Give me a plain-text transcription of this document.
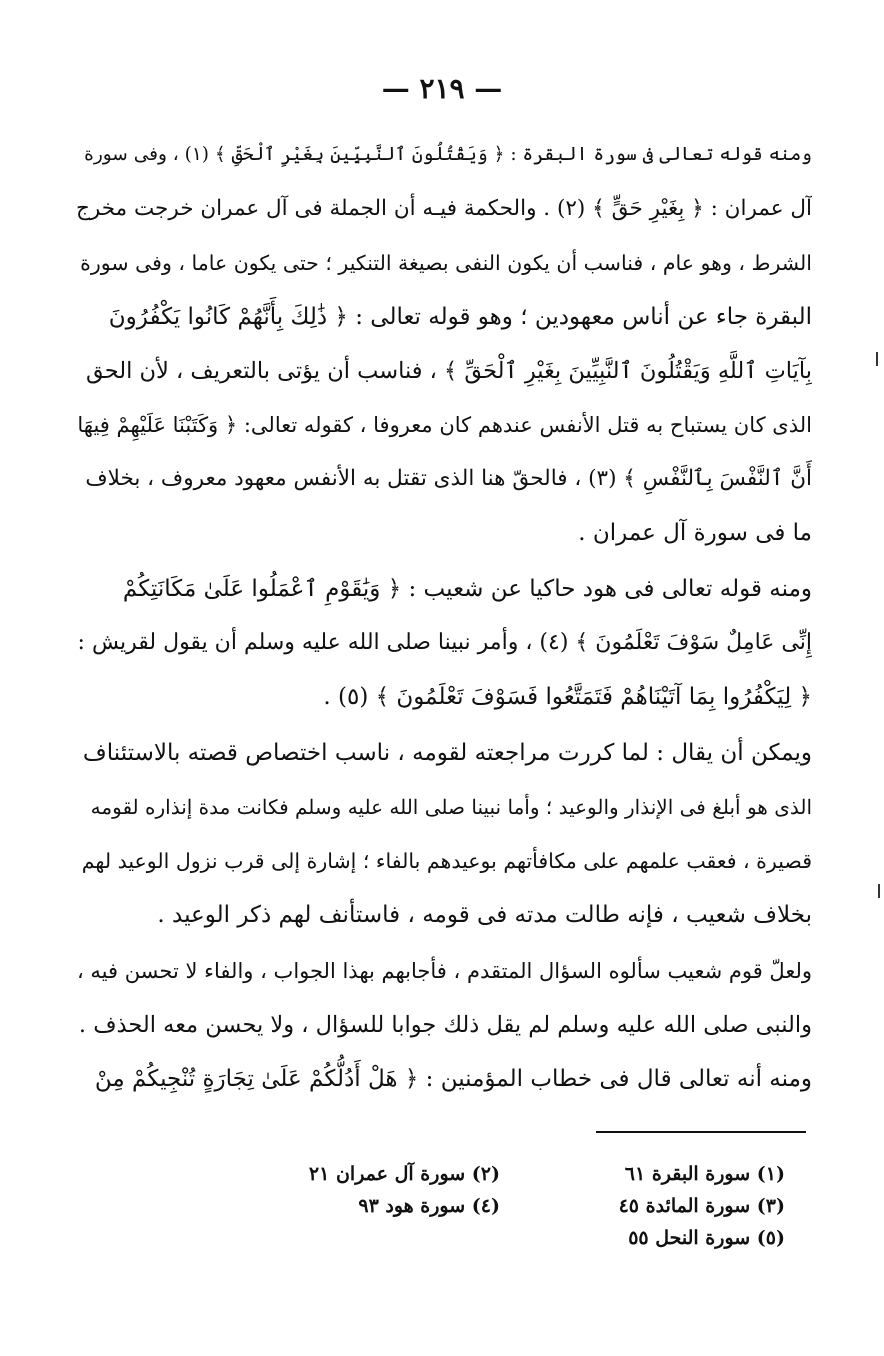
— ٢١٩ —
ومنه قوله تعالى فى سورة البقرة : ﴿ وَيَقْتُلُونَ ٱلنَّبِيِّينَ بِغَيْرِ ٱلْحَقِّ ﴾ (١) ، وفى سورة
آل عمران : ﴿ بِغَيْرِ حَقٍّ ﴾ (٢) . والحكمة فيـه أن الجملة فى آل عمران خرجت مخرج
الشرط ، وهو عام ، فناسب أن يكون النفى بصيغة التنكير ؛ حتى يكون عاما ، وفى سورة
البقرة جاء عن أناس معهودين ؛ وهو قوله تعالى : ﴿ ذَٰلِكَ بِأَنَّهُمْ كَانُوا يَكْفُرُونَ
بِآيَاتِ ٱللَّهِ وَيَقْتُلُونَ ٱلنَّبِيِّينَ بِغَيْرِ ٱلْحَقِّ ﴾ ، فناسب أن يؤتى بالتعريف ، لأن الحق
الذى كان يستباح به قتل الأنفس عندهم كان معروفا ، كقوله تعالى: ﴿ وَكَتَبْنَا عَلَيْهِمْ فِيهَا
أَنَّ ٱلنَّفْسَ بِٱلنَّفْسِ ﴾ (٣) ، فالحقّ هنا الذى تقتل به الأنفس معهود معروف ، بخلاف
ما فى سورة آل عمران .
ومنه قوله تعالى فى هود حاكيا عن شعيب : ﴿ وَيَٰقَوْمِ ٱعْمَلُوا عَلَىٰ مَكَانَتِكُمْ
إِنِّى عَامِلٌ سَوْفَ تَعْلَمُونَ ﴾ (٤) ، وأمر نبينا صلى الله عليه وسلم أن يقول لقريش :
﴿ لِيَكْفُرُوا بِمَا آتَيْنَاهُمْ فَتَمَتَّعُوا فَسَوْفَ تَعْلَمُونَ ﴾ (٥) .
ويمكن أن يقال : لما كررت مراجعته لقومه ، ناسب اختصاص قصته بالاستئناف
الذى هو أبلغ فى الإنذار والوعيد ؛ وأما نبينا صلى الله عليه وسلم فكانت مدة إنذاره لقومه
قصيرة ، فعقب علمهم على مكافأتهم بوعيدهم بالفاء ؛ إشارة إلى قرب نزول الوعيد لهم
بخلاف شعيب ، فإنه طالت مدته فى قومه ، فاستأنف لهم ذكر الوعيد .
ولعلّ قوم شعيب سألوه السؤال المتقدم ، فأجابهم بهذا الجواب ، والفاء لا تحسن فيه ،
والنبى صلى الله عليه وسلم لم يقل ذلك جوابا للسؤال ، ولا يحسن معه الحذف .
ومنه أنه تعالى قال فى خطاب المؤمنين : ﴿ هَلْ أَدُلُّكُمْ عَلَىٰ تِجَارَةٍ تُنْجِيكُمْ مِنْ
(١) سورة البقرة ٦١
(٣) سورة المائدة ٤٥
(٥) سورة النحل ٥٥
(٢) سورة آل عمران ٢١
(٤) سورة هود ٩٣
